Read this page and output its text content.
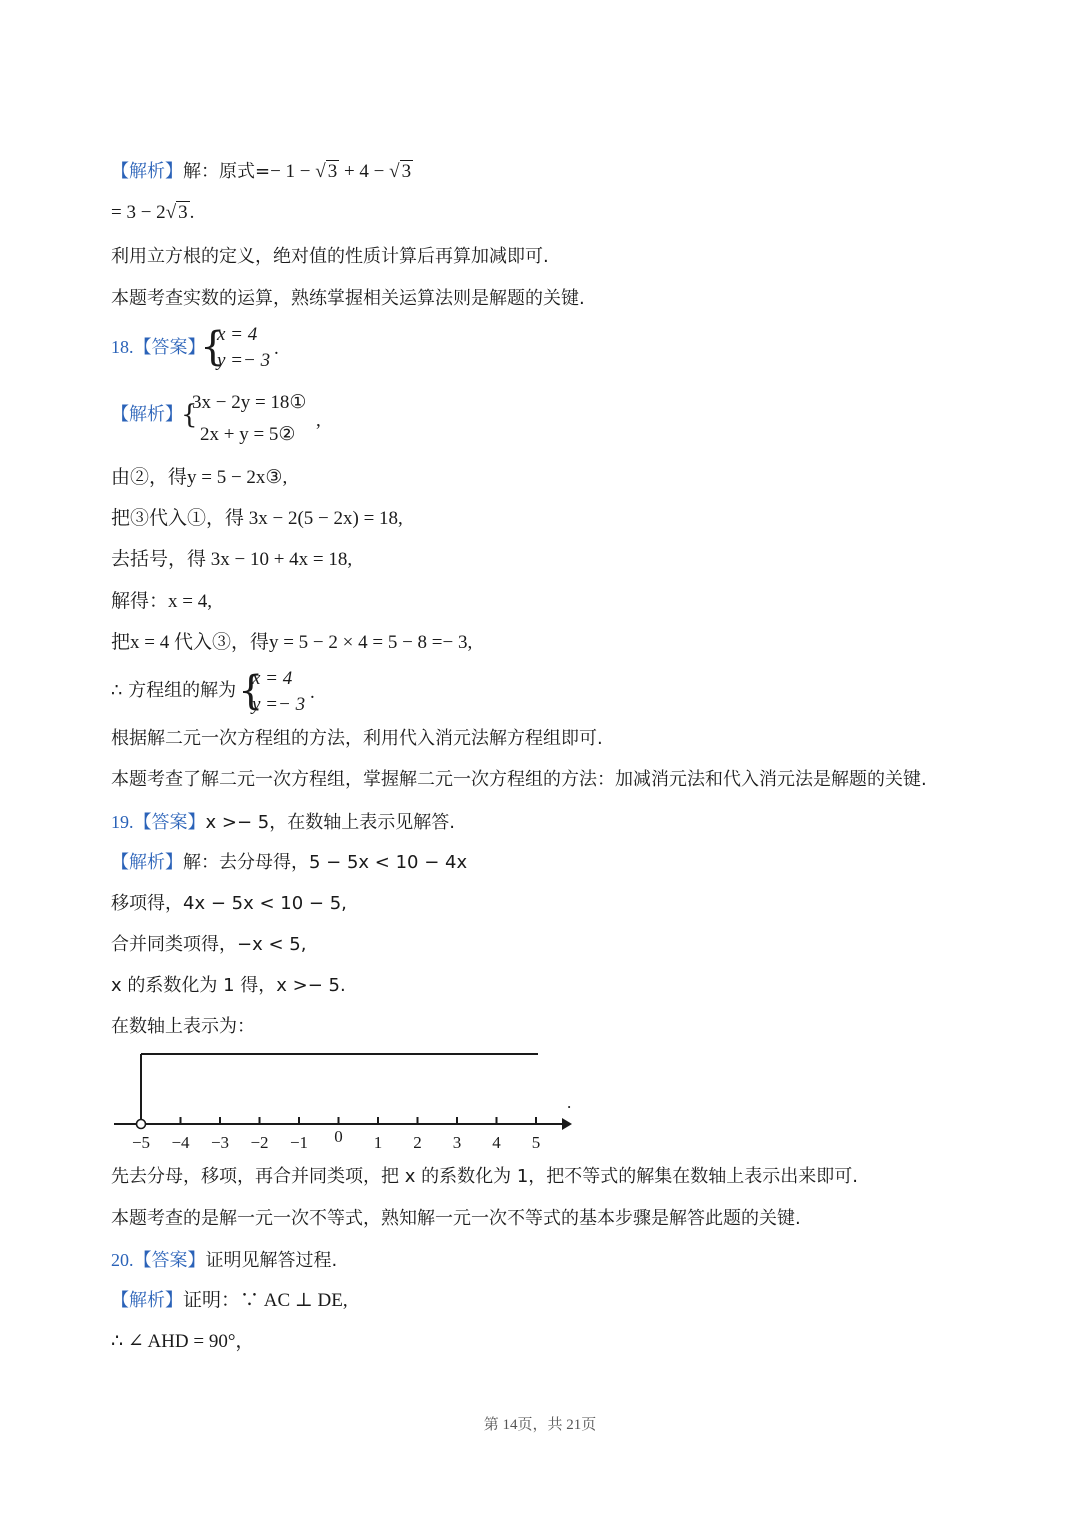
【解析】解：原式=− 1 − √ 3 + 4 − √ 3
= 3 − 2√ 3 .
利用立方根的定义，绝对值的性质计算后再算加减即可.
本题考查实数的运算，熟练掌握相关运算法则是解题的关键.
18.【答案】
{
x = 4
y =− 3
.
【解析】
{
3x − 2y = 18①
2x + y = 5②
,
由②，得y = 5 − 2x③,
把③代入①，得 3x − 2(5 − 2x) = 18,
去括号，得 3x − 10 + 4x = 18,
解得：x = 4,
把x = 4 代入③，得y = 5 − 2 × 4 = 5 − 8 =− 3,
∴ 方程组的解为 {
x = 4
y =− 3
.
根据解二元一次方程组的方法，利用代入消元法解方程组即可.
本题考查了解二元一次方程组，掌握解二元一次方程组的方法：加减消元法和代入消元法是解题的关键.
19.【答案】x >− 5，在数轴上表示见解答.
【解析】解：去分母得，5 − 5x < 10 − 4x
移项得，4x − 5x < 10 − 5,
合并同类项得，−x < 5,
x 的系数化为 1 得，x >− 5.
在数轴上表示为：
−5 −4 −3 −2 −1 0 1 2 3 4 5
.
先去分母，移项，再合并同类项，把 x 的系数化为 1，把不等式的解集在数轴上表示出来即可.
本题考查的是解一元一次不等式，熟知解一元一次不等式的基本步骤是解答此题的关键.
20.【答案】证明见解答过程.
【解析】证明：∵ AC ⊥ DE,
∴ ∠ AHD = 90°，
第 14页，共 21页
